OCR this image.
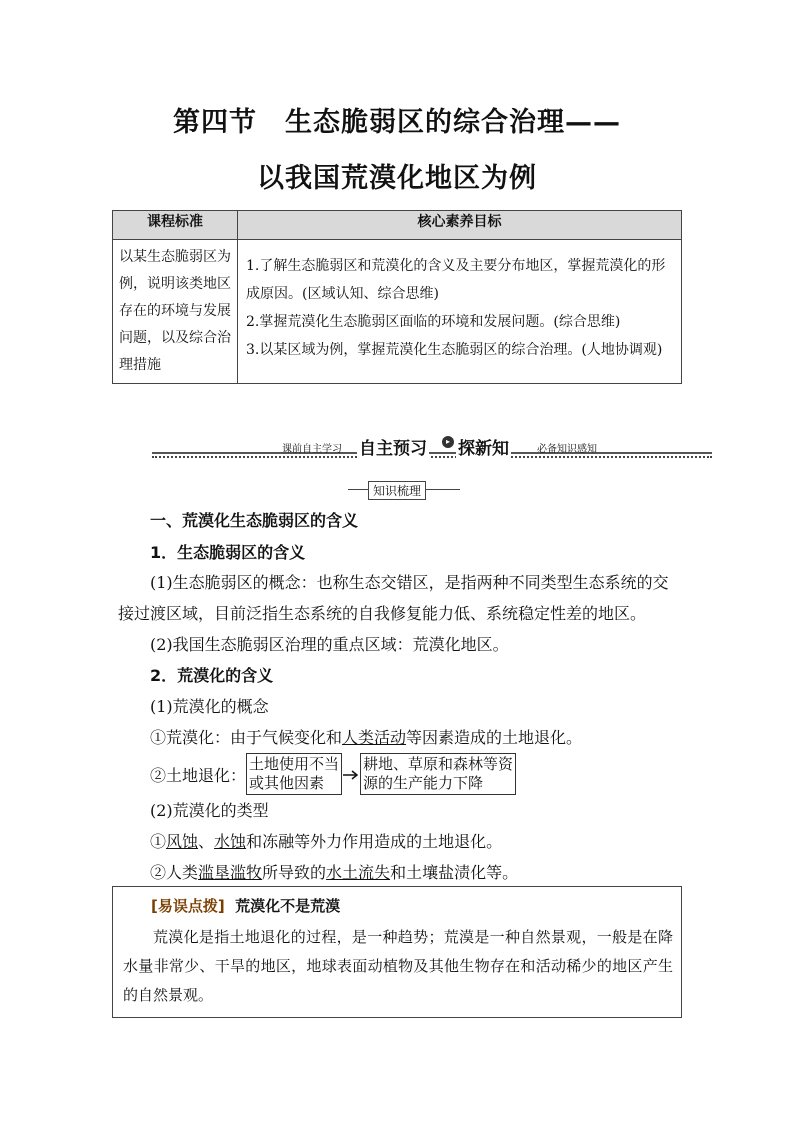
第四节　生态脆弱区的综合治理——
以我国荒漠化地区为例
课程标准	核心素养目标
以某生态脆弱区为例，说明该类地区存在的环境与发展问题，以及综合治理措施	1.了解生态脆弱区和荒漠化的含义及主要分布地区，掌握荒漠化的形成原因。(区域认知、综合思维)

2.掌握荒漠化生态脆弱区面临的环境和发展问题。(综合思维)

3.以某区域为例，掌握荒漠化生态脆弱区的综合治理。(人地协调观)

课前自主学习 自主预习	▸ 探新知	必备知识感知
知识梳理
一、荒漠化生态脆弱区的含义
1．生态脆弱区的含义
(1)生态脆弱区的概念：也称生态交错区，是指两种不同类型生态系统的交
接过渡区域，目前泛指生态系统的自我修复能力低、系统稳定性差的地区。
(2)我国生态脆弱区治理的重点区域：荒漠化地区。
2．荒漠化的含义
(1)荒漠化的概念
①荒漠化：由于气候变化和人类活动等因素造成的土地退化。
②土地退化：
土地使用不当
或其他因素
耕地、草原和森林等资
源的生产能力下降
(2)荒漠化的类型
①风蚀、水蚀和冻融等外力作用造成的土地退化。
②人类滥垦滥牧所导致的水土流失和土壤盐渍化等。
[易误点拨] 荒漠化不是荒漠
荒漠化是指土地退化的过程，是一种趋势；荒漠是一种自然景观，一般是在降水量非常少、干旱的地区，地球表面动植物及其他生物存在和活动稀少的地区产生的自然景观。
